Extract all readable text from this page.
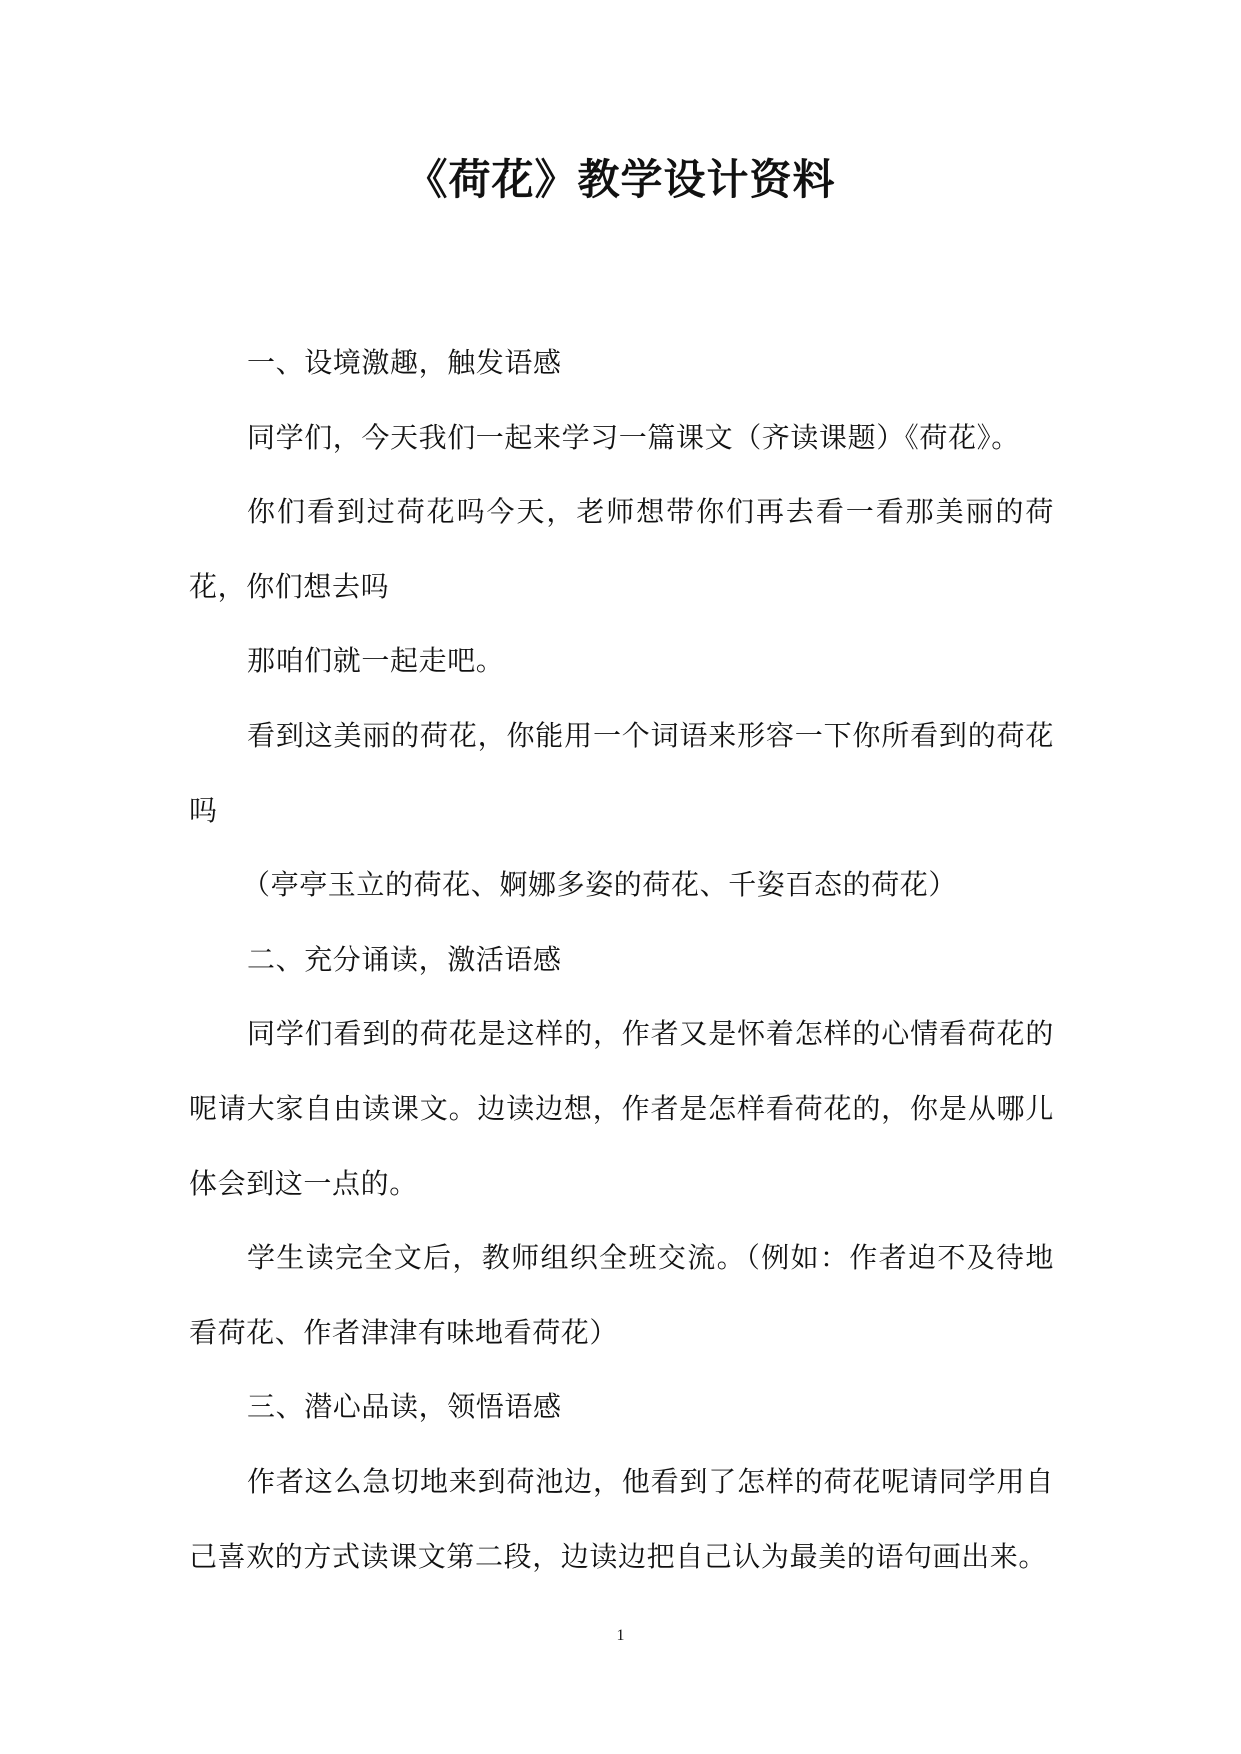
《荷花》教学设计资料

一、设境激趣，触发语感

同学们，今天我们一起来学习一篇课文（齐读课题）《荷花》。

你们看到过荷花吗今天，老师想带你们再去看一看那美丽的荷花，你们想去吗

那咱们就一起走吧。

看到这美丽的荷花，你能用一个词语来形容一下你所看到的荷花吗

（亭亭玉立的荷花、婀娜多姿的荷花、千姿百态的荷花）

二、充分诵读，激活语感

同学们看到的荷花是这样的，作者又是怀着怎样的心情看荷花的呢请大家自由读课文。边读边想，作者是怎样看荷花的，你是从哪儿体会到这一点的。

学生读完全文后，教师组织全班交流。（例如：作者迫不及待地看荷花、作者津津有味地看荷花）

三、潜心品读，领悟语感

作者这么急切地来到荷池边，他看到了怎样的荷花呢请同学用自己喜欢的方式读课文第二段，边读边把自己认为最美的语句画出来。

1
